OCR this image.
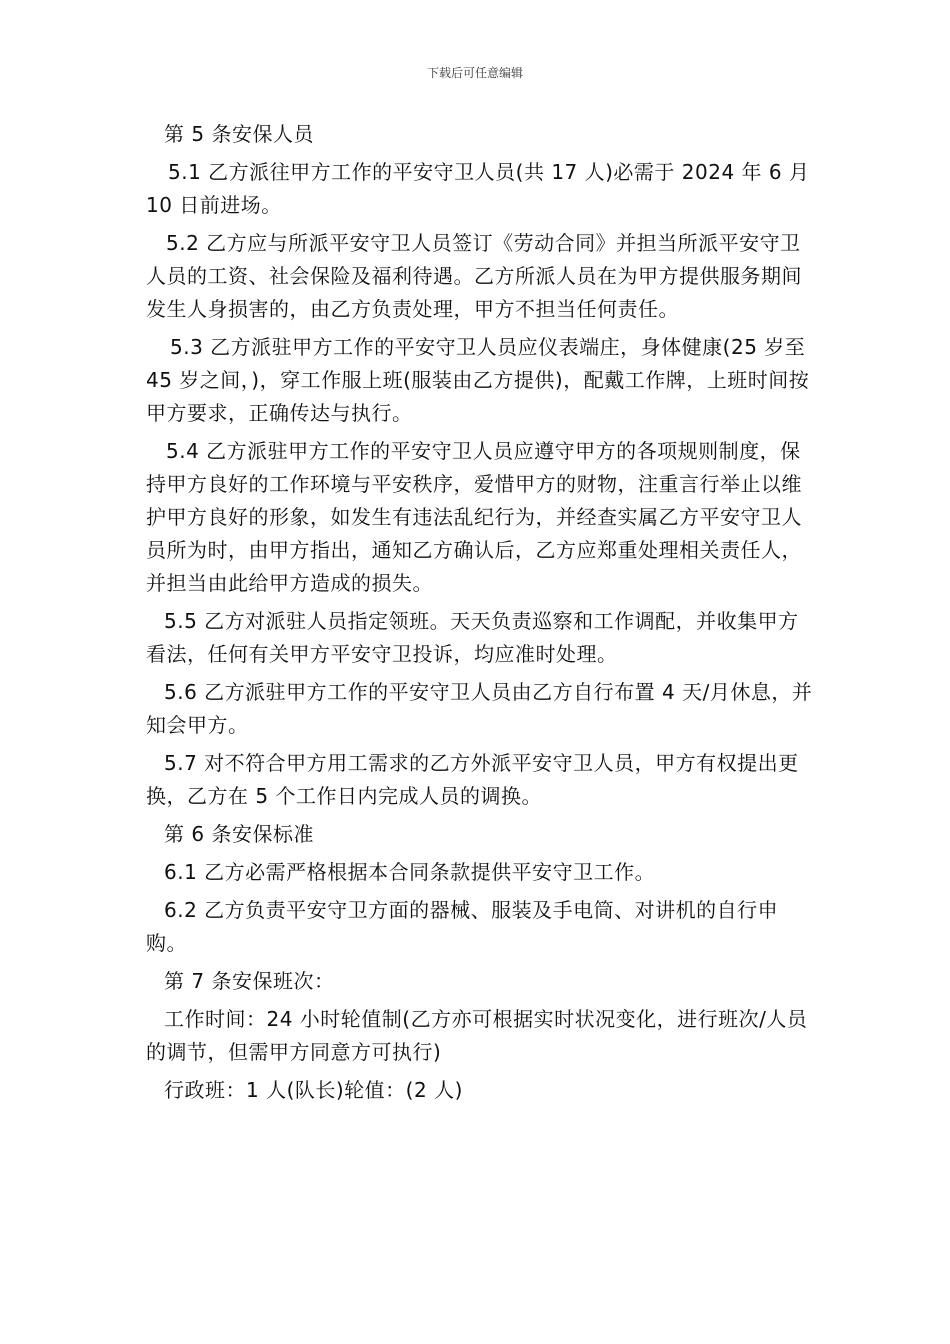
下载后可任意编辑

第 5 条安保人员

5.1 乙方派往甲方工作的平安守卫人员(共 17 人)必需于 2024 年 6 月 10 日前进场。

5.2 乙方应与所派平安守卫人员签订《劳动合同》并担当所派平安守卫人员的工资、社会保险及福利待遇。乙方所派人员在为甲方提供服务期间发生人身损害的，由乙方负责处理，甲方不担当任何责任。

5.3 乙方派驻甲方工作的平安守卫人员应仪表端庄，身体健康(25 岁至 45 岁之间，)，穿工作服上班(服装由乙方提供)，配戴工作牌，上班时间按甲方要求，正确传达与执行。

5.4 乙方派驻甲方工作的平安守卫人员应遵守甲方的各项规则制度，保持甲方良好的工作环境与平安秩序，爱惜甲方的财物，注重言行举止以维护甲方良好的形象，如发生有违法乱纪行为，并经查实属乙方平安守卫人员所为时，由甲方指出，通知乙方确认后，乙方应郑重处理相关责任人，并担当由此给甲方造成的损失。

5.5 乙方对派驻人员指定领班。天天负责巡察和工作调配，并收集甲方看法，任何有关甲方平安守卫投诉，均应准时处理。

5.6 乙方派驻甲方工作的平安守卫人员由乙方自行布置 4 天/月休息，并知会甲方。

5.7 对不符合甲方用工需求的乙方外派平安守卫人员，甲方有权提出更换，乙方在 5 个工作日内完成人员的调换。

第 6 条安保标准

6.1 乙方必需严格根据本合同条款提供平安守卫工作。

6.2 乙方负责平安守卫方面的器械、服装及手电筒、对讲机的自行申购。

第 7 条安保班次：

工作时间：24 小时轮值制(乙方亦可根据实时状况变化，进行班次/人员的调节，但需甲方同意方可执行)

行政班：1 人(队长)轮值：(2 人)
